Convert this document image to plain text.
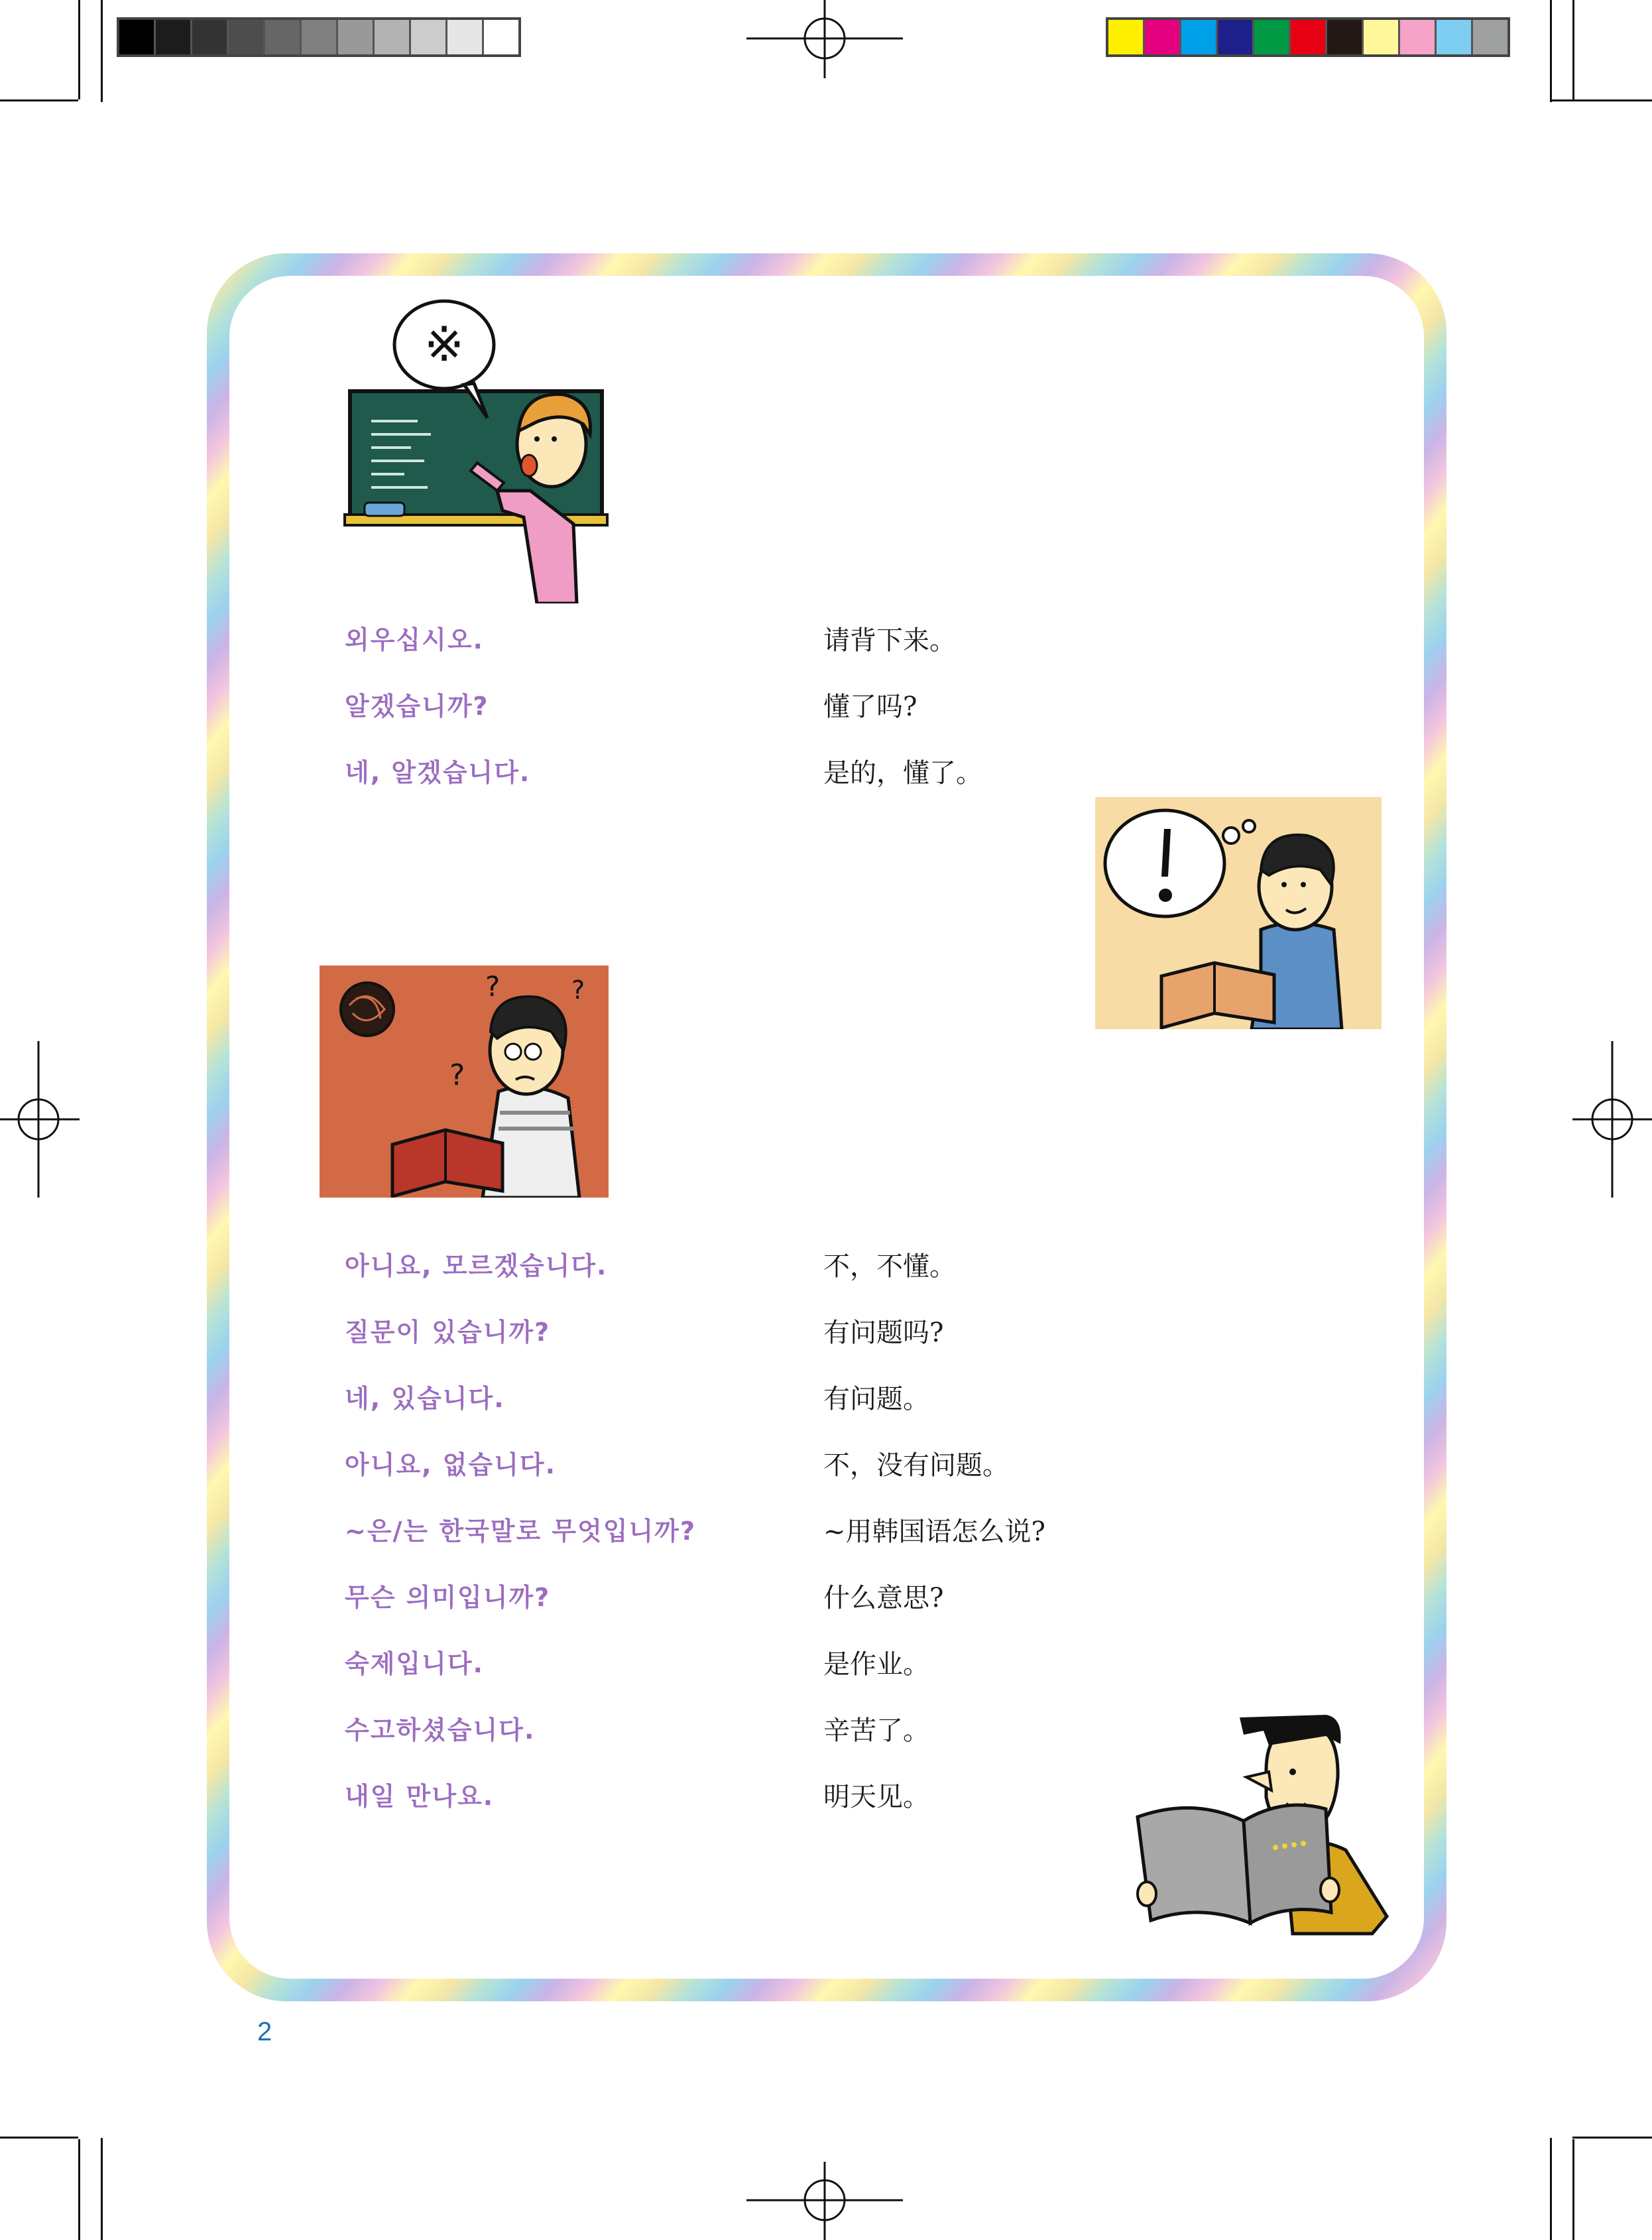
※
외우십시오.	请背下来。
알겠습니까?	懂了吗?
네, 알겠습니다.	是的，懂了。
?	?
?
아니요, 모르겠습니다.	不，不懂。
질문이 있습니까?	有问题吗?
네, 있습니다.	有问题。
아니요, 없습니다.	不，没有问题。
~은/는 한국말로 무엇입니까?	~用韩国语怎么说?
무슨 의미입니까?	什么意思?
숙제입니다.	是作业。
수고하셨습니다.	辛苦了。
내일 만나요.	明天见。
2
